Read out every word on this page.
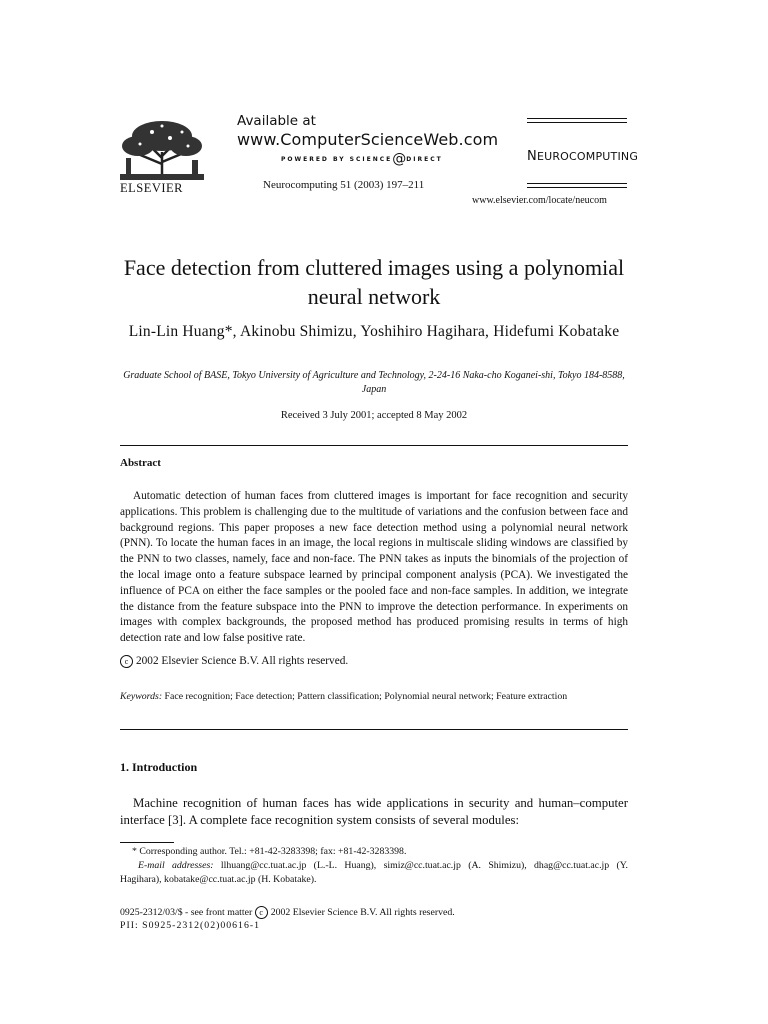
ELSEVIER
Available at
www.ComputerScienceWeb.com
POWERED BY SCIENCE@DIRECT
Neurocomputing 51 (2003) 197–211
www.elsevier.com/locate/neucom
NEUROCOMPUTING
Face detection from cluttered images using a polynomial neural network
Lin-Lin Huang*, Akinobu Shimizu, Yoshihiro Hagihara, Hidefumi Kobatake
Graduate School of BASE, Tokyo University of Agriculture and Technology, 2-24-16 Naka-cho Koganei-shi, Tokyo 184-8588, Japan
Received 3 July 2001; accepted 8 May 2002
Abstract
Automatic detection of human faces from cluttered images is important for face recognition and security applications. This problem is challenging due to the multitude of variations and the confusion between face and background regions. This paper proposes a new face detection method using a polynomial neural network (PNN). To locate the human faces in an image, the local regions in multiscale sliding windows are classified by the PNN to two classes, namely, face and non-face. The PNN takes as inputs the binomials of the projection of the local image onto a feature subspace learned by principal component analysis (PCA). We investigated the influence of PCA on either the face samples or the pooled face and non-face samples. In addition, we integrate the distance from the feature subspace into the PNN to improve the detection performance. In experiments on images with complex backgrounds, the proposed method has produced promising results in terms of high detection rate and low false positive rate.
c 2002 Elsevier Science B.V. All rights reserved.
Keywords: Face recognition; Face detection; Pattern classification; Polynomial neural network; Feature extraction
1. Introduction
Machine recognition of human faces has wide applications in security and human–computer interface [3]. A complete face recognition system consists of several modules:
* Corresponding author. Tel.: +81-42-3283398; fax: +81-42-3283398.
E-mail addresses: llhuang@cc.tuat.ac.jp (L.-L. Huang), simiz@cc.tuat.ac.jp (A. Shimizu), dhag@cc.tuat.ac.jp (Y. Hagihara), kobatake@cc.tuat.ac.jp (H. Kobatake).
0925-2312/03/$ - see front matter c 2002 Elsevier Science B.V. All rights reserved.
PII: S0925-2312(02)00616-1
